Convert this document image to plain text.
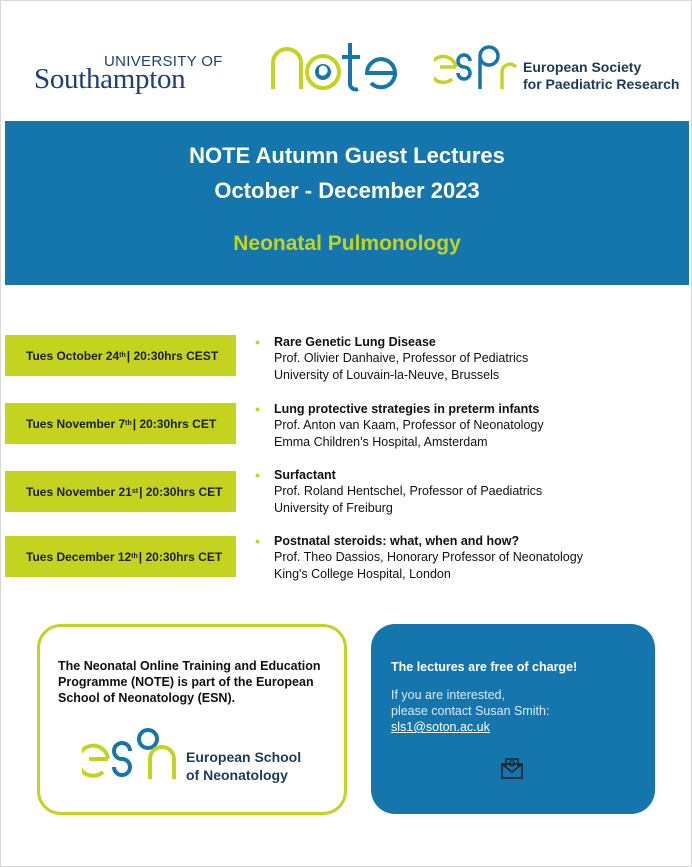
UNIVERSITY OF
Southampton	European Society
for Paediatric Research
NOTE Autumn Guest Lectures
October - December 2023
Neonatal Pulmonology
Tues October 24 th | 20:30hrs CEST
• Rare Genetic Lung Disease
Prof. Olivier Danhaive, Professor of Pediatrics
University of Louvain-la-Neuve, Brussels
Tues November 7 th | 20:30hrs CET
• Lung protective strategies in preterm infants
Prof. Anton van Kaam, Professor of Neonatology
Emma Children's Hospital, Amsterdam
Tues November 21 st | 20:30hrs CET
• Surfactant
Prof. Roland Hentschel, Professor of Paediatrics
University of Freiburg
Tues December 12 th | 20:30hrs CET
• Postnatal steroids: what, when and how?
Prof. Theo Dassios, Honorary Professor of Neonatology
King's College Hospital, London
The Neonatal Online Training and Education Programme (NOTE) is part of the European School of Neonatology (ESN).
European School
of Neonatology
The lectures are free of charge!
If you are interested,
please contact Susan Smith:
sls1@soton.ac.uk
